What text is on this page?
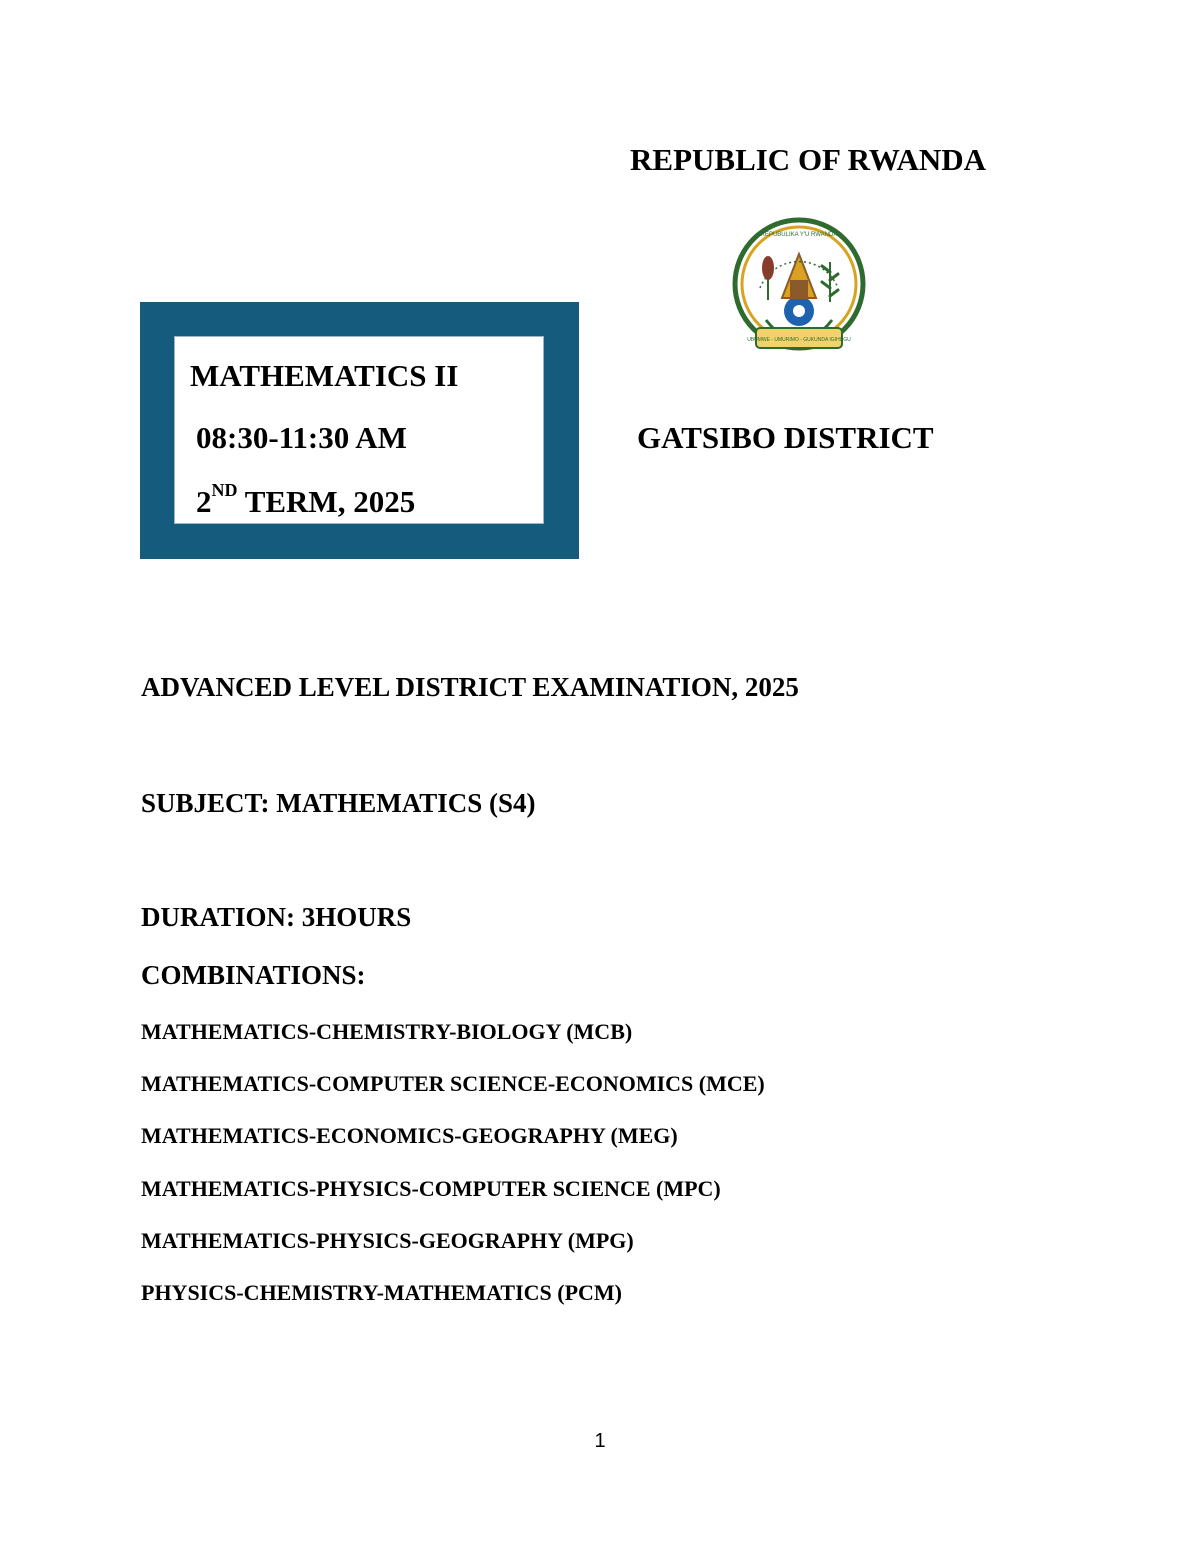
REPUBLIC OF RWANDA
REPUBULIKA Y'U RWANDA
UBUMWE - UMURIMO - GUKUNDA IGIHUGU
MATHEMATICS II
08:30-11:30 AM
2ND TERM, 2025
GATSIBO DISTRICT
ADVANCED LEVEL DISTRICT EXAMINATION, 2025
SUBJECT: MATHEMATICS (S4)
DURATION: 3HOURS
COMBINATIONS:
MATHEMATICS-CHEMISTRY-BIOLOGY (MCB)
MATHEMATICS-COMPUTER SCIENCE-ECONOMICS (MCE)
MATHEMATICS-ECONOMICS-GEOGRAPHY (MEG)
MATHEMATICS-PHYSICS-COMPUTER SCIENCE (MPC)
MATHEMATICS-PHYSICS-GEOGRAPHY (MPG)
PHYSICS-CHEMISTRY-MATHEMATICS (PCM)
1
